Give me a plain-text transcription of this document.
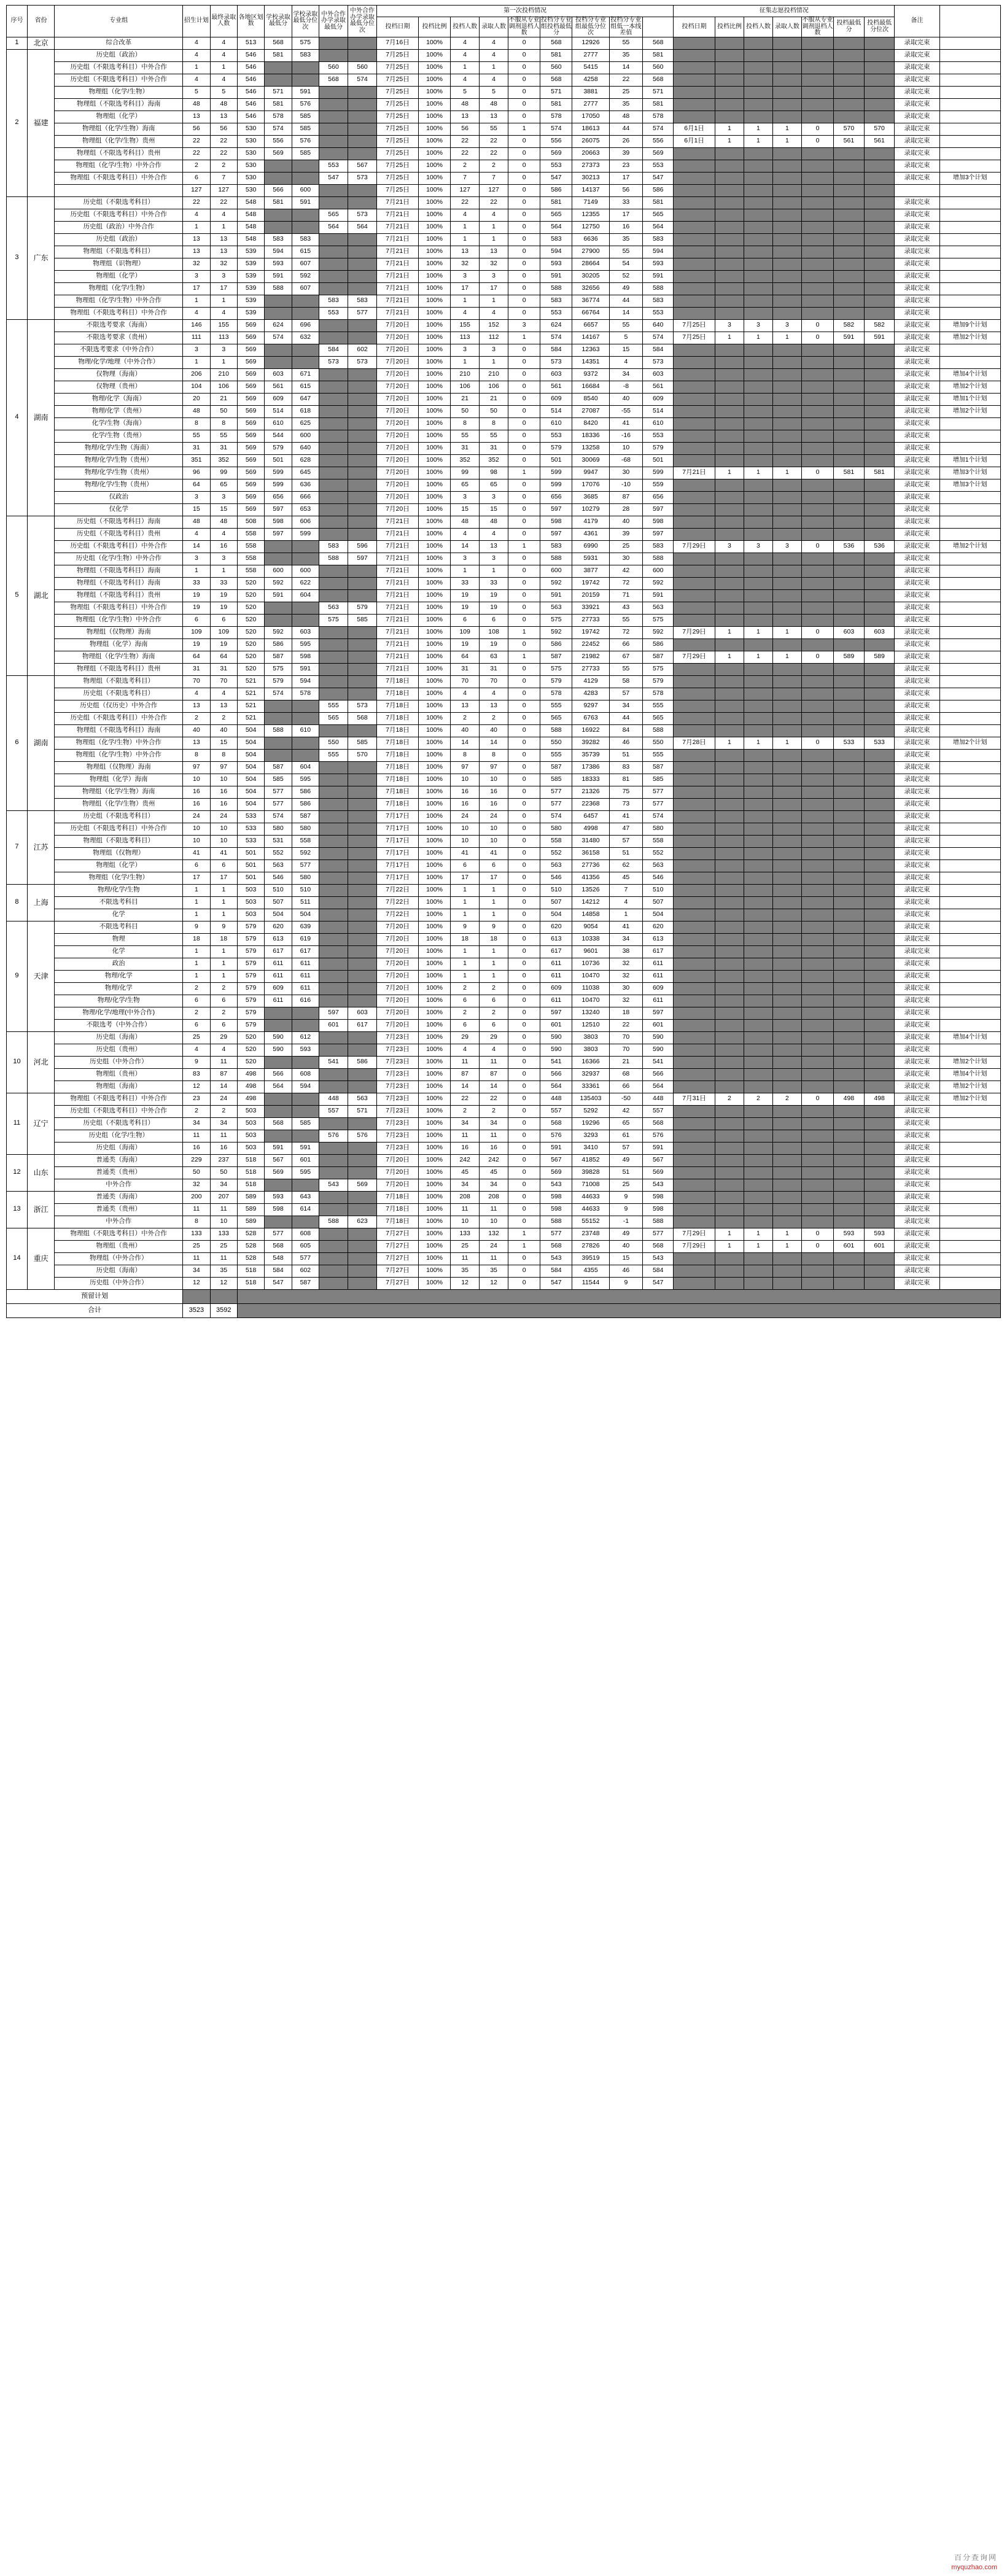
序号	省份	专业组	招生计划	最终录取人数	各地区划数	学校录取最低分	学校录取最低分位次	中外合作办学录取最低分	中外合作办学录取最低分位次	第一次投档情况									征集志愿投档情况							备注	
										投档日期	投档比例	投档人数	录取人数	不服从专业调剂退档人数	投档分专业组投档最低分	投档分专业组最低分位次	投档分专业组低一本线差值		投档日期	投档比例	投档人数	录取人数	不服从专业调剂退档人数	投档最低分	投档最低分位次		
1	北京	综合改革	4	4	513	568	575			7月16日	100%	4	4	0	568	12926	55	568								录取完束	
2	福建	历史组（政治）	4	4	546	581	583			7月25日	100%	4	4	0	581	2777	35	581								录取完束	
		历史组（不限选考科目）中外合作	1	1	546			560	560	7月25日	100%	1	1	0	560	5415	14	560								录取完束	
		历史组（不限选考科目）中外合作	4	4	546			568	574	7月25日	100%	4	4	0	568	4258	22	568								录取完束	
		物理组（化学/生物）	5	5	546	571	591			7月25日	100%	5	5	0	571	3881	25	571								录取完束	
		物理组（不限选考科目）海南	48	48	546	581	576			7月25日	100%	48	48	0	581	2777	35	581								录取完束	
		物理组（化学）	13	13	546	578	585			7月25日	100%	13	13	0	578	17050	48	578								录取完束	
		物理组（化学/生物）海南	56	56	530	574	585			7月25日	100%	56	55	1	574	18613	44	574	6月1日	1	1	1	0	570	570	录取完束	
		物理组（化学/生物）贵州	22	22	530	556	576			7月25日	100%	22	22	0	556	26075	26	556	6月1日	1	1	1	0	561	561	录取完束	
		物理组（不限选考科目）贵州	22	22	530	569	585			7月25日	100%	22	22	0	569	20663	39	569								录取完束	
		物理组（化学/生物）中外合作	2	2	530			553	567	7月25日	100%	2	2	0	553	27373	23	553								录取完束	
		物理组（不限选考科目）中外合作	6	7	530			547	573	7月25日	100%	7	7	0	547	30213	17	547								录取完束	增加3个计划
			127	127	530	566	600			7月25日	100%	127	127	0	586	14137	56	586									
3	广东	历史组（不限选考科目）	22	22	548	581	591			7月21日	100%	22	22	0	581	7149	33	581								录取完束	
		历史组（不限选考科目）中外合作	4	4	548			565	573	7月21日	100%	4	4	0	565	12355	17	565								录取完束	
		历史组（政治）中外合作	1	1	548			564	564	7月21日	100%	1	1	0	564	12750	16	564								录取完束	
		历史组（政治）	13	13	548	583	583			7月21日	100%	1	1	0	583	6636	35	583								录取完束	
		物理组（不限选考科目）	13	13	539	594	615			7月21日	100%	13	13	0	594	27900	55	594								录取完束	
		物理组（识物理）	32	32	539	593	607			7月21日	100%	32	32	0	593	28664	54	593								录取完束	
		物理组（化学）	3	3	539	591	592			7月21日	100%	3	3	0	591	30205	52	591								录取完束	
		物理组（化学/生物）	17	17	539	588	607			7月21日	100%	17	17	0	588	32656	49	588								录取完束	
		物理组（化学/生物）中外合作	1	1	539			583	583	7月21日	100%	1	1	0	583	36774	44	583								录取完束	
		物理组（不限选考科目）中外合作	4	4	539			553	577	7月21日	100%	4	4	0	553	66764	14	553								录取完束	
4	湖南	不限选考要求（海南）	146	155	569	624	696			7月20日	100%	155	152	3	624	6657	55	640	7月25日	3	3	3	0	582	582	录取完束	增加9个计划
		不限选考要求（贵州）	111	113	569	574	632			7月20日	100%	113	112	1	574	14167	5	574	7月25日	1	1	1	0	591	591	录取完束	增加2个计划
		不限选考要求（中外合作）	3	3	569			584	602	7月20日	100%	3	3	0	584	12363	15	584								录取完束	
		物理/化学/地理（中外合作）	1	1	569			573	573	7月20日	100%	1	1	0	573	14351	4	573								录取完束	
		仅物理（海南）	206	210	569	603	671			7月20日	100%	210	210	0	603	9372	34	603								录取完束	增加4个计划
		仅物理（贵州）	104	106	569	561	615			7月20日	100%	106	106	0	561	16684	-8	561								录取完束	增加2个计划
		物理/化学（海南）	20	21	569	609	647			7月20日	100%	21	21	0	609	8540	40	609								录取完束	增加1个计划
		物理/化学（贵州）	48	50	569	514	618			7月20日	100%	50	50	0	514	27087	-55	514								录取完束	增加2个计划
		化学/生物（海南）	8	8	569	610	625			7月20日	100%	8	8	0	610	8420	41	610								录取完束	
		化学/生物（贵州）	55	55	569	544	600			7月20日	100%	55	55	0	553	18336	-16	553								录取完束	
		物理/化学/生物（海南）	31	31	569	579	640			7月20日	100%	31	31	0	579	13258	10	579								录取完束	
		物理/化学/生物（贵州）	351	352	569	501	628			7月20日	100%	352	352	0	501	30069	-68	501								录取完束	增加1个计划
		物理/化学/生物（贵州）	96	99	569	599	645			7月20日	100%	99	98	1	599	9947	30	599	7月21日	1	1	1	0	581	581	录取完束	增加3个计划
		物理/化学/生物（贵州）	64	65	569	599	636			7月20日	100%	65	65	0	599	17076	-10	559								录取完束	增加3个计划
		仅政治	3	3	569	656	666			7月20日	100%	3	3	0	656	3685	87	656								录取完束	
		仅化学	15	15	569	597	653			7月20日	100%	15	15	0	597	10279	28	597								录取完束	
5	湖北	历史组（不限选考科目）海南	48	48	508	598	606			7月21日	100%	48	48	0	598	4179	40	598								录取完束	
		历史组（不限选考科目）贵州	4	4	558	597	599			7月21日	100%	4	4	0	597	4361	39	597								录取完束	
		历史组（不限选考科目）中外合作	14	16	558			583	596	7月21日	100%	14	13	1	583	6990	25	583	7月29日	3	3	3	0	536	536	录取完束	增加2个计划
		历史组（化学/生物）中外合作	3	3	558			588	597	7月21日	100%	3	3	0	588	5931	30	588								录取完束	
		物理组（不限选考科目）海南	1	1	558	600	600			7月21日	100%	1	1	0	600	3877	42	600								录取完束	
		物理组（不限选考科目）海南	33	33	520	592	622			7月21日	100%	33	33	0	592	19742	72	592								录取完束	
		物理组（不限选考科目）贵州	19	19	520	591	604			7月21日	100%	19	19	0	591	20159	71	591								录取完束	
		物理组（不限选考科目）中外合作	19	19	520			563	579	7月21日	100%	19	19	0	563	33921	43	563								录取完束	
		物理组（化学/生物）中外合作	6	6	520			575	585	7月21日	100%	6	6	0	575	27733	55	575								录取完束	
		物理组（仅物理）海南	109	109	520	592	603			7月21日	100%	109	108	1	592	19742	72	592	7月29日	1	1	1	0	603	603	录取完束	
		物理组（化学）海南	19	19	520	586	595			7月21日	100%	19	19	0	586	22452	66	586								录取完束	
		物理组（化学/生物）海南	64	64	520	587	598			7月21日	100%	64	63	1	587	21982	67	587	7月29日	1	1	1	0	589	589	录取完束	
		物理组（不限选考科目）贵州	31	31	520	575	591			7月21日	100%	31	31	0	575	27733	55	575								录取完束	
6	湖南	物理组（不限选考科目）	70	70	521	579	594			7月18日	100%	70	70	0	579	4129	58	579								录取完束	
		历史组（不限选考科目）	4	4	521	574	578			7月18日	100%	4	4	0	578	4283	57	578								录取完束	
		历史组（仅历史）中外合作	13	13	521			555	573	7月18日	100%	13	13	0	555	9297	34	555								录取完束	
		历史组（不限选考科目）中外合作	2	2	521			565	568	7月18日	100%	2	2	0	565	6763	44	565								录取完束	
		物理组（不限选考科目）海南	40	40	504	588	610			7月18日	100%	40	40	0	588	16922	84	588								录取完束	
		物理组（化学/生物）中外合作	13	15	504			550	585	7月18日	100%	14	14	0	550	39282	46	550	7月28日	1	1	1	0	533	533	录取完束	增加2个计划
		物理组（化学/生物）中外合作	8	8	504			555	570	7月18日	100%	8	8	0	555	35739	51	555								录取完束	
		物理组（仅物理）海南	97	97	504	587	604			7月18日	100%	97	97	0	587	17386	83	587								录取完束	
		物理组（化学）海南	10	10	504	585	595			7月18日	100%	10	10	0	585	18333	81	585								录取完束	
		物理组（化学/生物）海南	16	16	504	577	586			7月18日	100%	16	16	0	577	21326	75	577								录取完束	
		物理组（化学/生物）贵州	16	16	504	577	586			7月18日	100%	16	16	0	577	22368	73	577								录取完束	
7	江苏	历史组（不限选考科目）	24	24	533	574	587			7月17日	100%	24	24	0	574	6457	41	574								录取完束	
		历史组（不限选考科目）中外合作	10	10	533	580	580			7月17日	100%	10	10	0	580	4998	47	580								录取完束	
		物理组（不限选考科目）	10	10	533	531	558			7月17日	100%	10	10	0	558	31480	57	558								录取完束	
		物理组（仅物理）	41	41	501	552	592			7月17日	100%	41	41	0	552	36158	51	552								录取完束	
		物理组（化学）	6	6	501	563	577			7月17日	100%	6	6	0	563	27736	62	563								录取完束	
		物理组（化学/生物）	17	17	501	546	580			7月17日	100%	17	17	0	546	41356	45	546								录取完束	
8	上海	物理/化学/生物	1	1	503	510	510			7月22日	100%	1	1	0	510	13526	7	510								录取完束	
		不限选考科目	1	1	503	507	511			7月22日	100%	1	1	0	507	14212	4	507								录取完束	
		化学	1	1	503	504	504			7月22日	100%	1	1	0	504	14858	1	504								录取完束	
9	天津	不限选考科目	9	9	579	620	639			7月20日	100%	9	9	0	620	9054	41	620								录取完束	
		物理	18	18	579	613	619			7月20日	100%	18	18	0	613	10338	34	613								录取完束	
		化学	1	1	579	617	617			7月20日	100%	1	1	0	617	9601	38	617								录取完束	
		政治	1	1	579	611	611			7月20日	100%	1	1	0	611	10736	32	611								录取完束	
		物理/化学	1	1	579	611	611			7月20日	100%	1	1	0	611	10470	32	611								录取完束	
		物理/化学	2	2	579	609	611			7月20日	100%	2	2	0	609	11038	30	609								录取完束	
		物理/化学/生物	6	6	579	611	616			7月20日	100%	6	6	0	611	10470	32	611								录取完束	
		物理/化学/地理(中外合作)	2	2	579			597	603	7月20日	100%	2	2	0	597	13240	18	597								录取完束	
		不限选考（中外合作）	6	6	579			601	617	7月20日	100%	6	6	0	601	12510	22	601								录取完束	
10	河北	历史组（海南）	25	29	520	590	612			7月23日	100%	29	29	0	590	3803	70	590								录取完束	增加4个计划
		历史组（贵州）	4	4	520	590	593			7月23日	100%	4	4	0	590	3803	70	590								录取完束	
		历史组（中外合作）	9	11	520			541	586	7月23日	100%	11	11	0	541	16366	21	541								录取完束	增加2个计划
		物理组（贵州）	83	87	498	566	608			7月23日	100%	87	87	0	566	32937	68	566								录取完束	增加4个计划
		物理组（海南）	12	14	498	564	594			7月23日	100%	14	14	0	564	33361	66	564								录取完束	增加2个计划
11	辽宁	物理组（不限选考科目）中外合作	23	24	498			448	563	7月23日	100%	22	22	0	448	135403	-50	448	7月31日	2	2	2	0	498	498	录取完束	增加2个计划
		历史组（不限选考科目）中外合作	2	2	503			557	571	7月23日	100%	2	2	0	557	5292	42	557								录取完束	
		历史组（不限选考科目）	34	34	503	568	585			7月23日	100%	34	34	0	568	19296	65	568								录取完束	
		历史组（化学/生物）	11	11	503			576	576	7月23日	100%	11	11	0	576	3293	61	576								录取完束	
		历史组（海南）	16	16	503	591	591			7月23日	100%	16	16	0	591	3410	57	591								录取完束	
12	山东	普通类（海南）	229	237	518	567	601			7月20日	100%	242	242	0	567	41852	49	567								录取完束	
		普通类（贵州）	50	50	518	569	595			7月20日	100%	45	45	0	569	39828	51	569								录取完束	
		中外合作	32	34	518			543	569	7月20日	100%	34	34	0	543	71008	25	543								录取完束	
13	浙江	普通类（海南）	200	207	589	593	643			7月18日	100%	208	208	0	598	44633	9	598								录取完束	
		普通类（贵州）	11	11	589	598	614			7月18日	100%	11	11	0	598	44633	9	598								录取完束	
		中外合作	8	10	589			588	623	7月18日	100%	10	10	0	588	55152	-1	588								录取完束	
14	重庆	物理组（不限选考科目）中外合作	133	133	528	577	608			7月27日	100%	133	132	1	577	23748	49	577	7月29日	1	1	1	0	593	593	录取完束	
		物理组（贵州）	25	25	528	568	605			7月27日	100%	25	24	1	568	27826	40	568	7月29日	1	1	1	0	601	601	录取完束	
		物理组（中外合作）	11	11	528	548	577			7月27日	100%	11	11	0	543	39519	15	543								录取完束	
		历史组（海南）	34	35	518	584	602			7月27日	100%	35	35	0	584	4355	46	584								录取完束	
		历史组（中外合作）	12	12	518	547	587			7月27日	100%	12	12	0	547	11544	9	547								录取完束	
预留计划																											
合计			3523	3592																							
百分查询网
myquzhao.com
